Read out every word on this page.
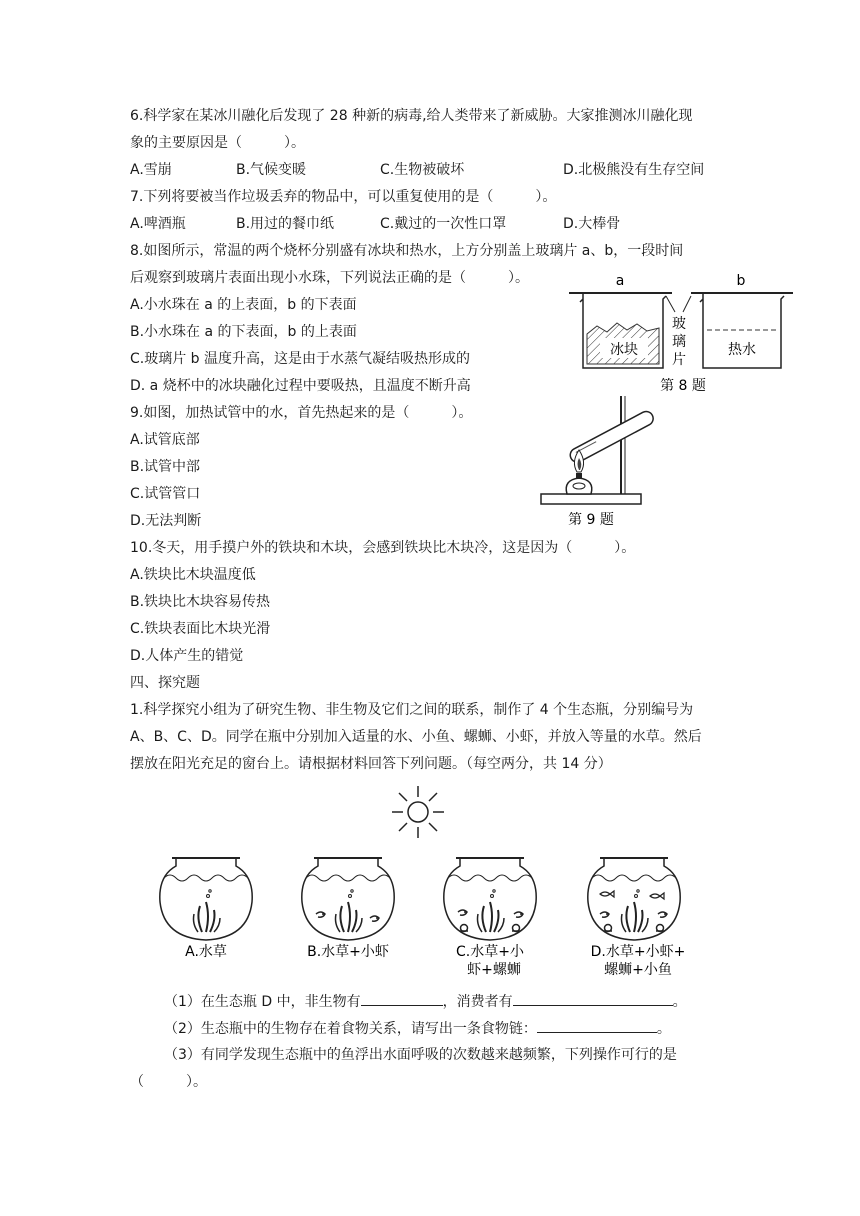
6.科学家在某冰川融化后发现了 28 种新的病毒,给人类带来了新威胁。大家推测冰川融化现
象的主要原因是（　　　）。
A.雪崩	B.气候变暖	C.生物被破坏	D.北极熊没有生存空间
7.下列将要被当作垃圾丢弃的物品中，可以重复使用的是（　　　）。
A.啤酒瓶	B.用过的餐巾纸	C.戴过的一次性口罩	D.大棒骨
8.如图所示，常温的两个烧杯分别盛有冰块和热水，上方分别盖上玻璃片 a、b，一段时间
后观察到玻璃片表面出现小水珠，下列说法正确的是（　　　）。
A.小水珠在 a 的上表面，b 的下表面
B.小水珠在 a 的下表面，b 的上表面
C.玻璃片 b 温度升高，这是由于水蒸气凝结吸热形成的
D. a 烧杯中的冰块融化过程中要吸热，且温度不断升高
a	b
冰块	热水
玻
璃
片
第 8 题
9.如图，加热试管中的水，首先热起来的是（　　　）。
A.试管底部
B.试管中部
C.试管管口
D.无法判断	第 9 题
10.冬天，用手摸户外的铁块和木块，会感到铁块比木块冷，这是因为（　　　）。
A.铁块比木块温度低
B.铁块比木块容易传热
C.铁块表面比木块光滑
D.人体产生的错觉
四、探究题
1.科学探究小组为了研究生物、非生物及它们之间的联系，制作了 4 个生态瓶，分别编号为
A、B、C、D。同学在瓶中分别加入适量的水、小鱼、螺蛳、小虾，并放入等量的水草。然后
摆放在阳光充足的窗台上。请根据材料回答下列问题。（每空两分，共 14 分）
A.水草	B.水草+小虾	C.水草+小
虾+螺蛳
D.水草+小虾+
螺蛳+小鱼
（1）在生态瓶 D 中，非生物有	，消费者有	。
（2）生态瓶中的生物存在着食物关系，请写出一条食物链：	。
（3）有同学发现生态瓶中的鱼浮出水面呼吸的次数越来越频繁，下列操作可行的是
（　　　）。
